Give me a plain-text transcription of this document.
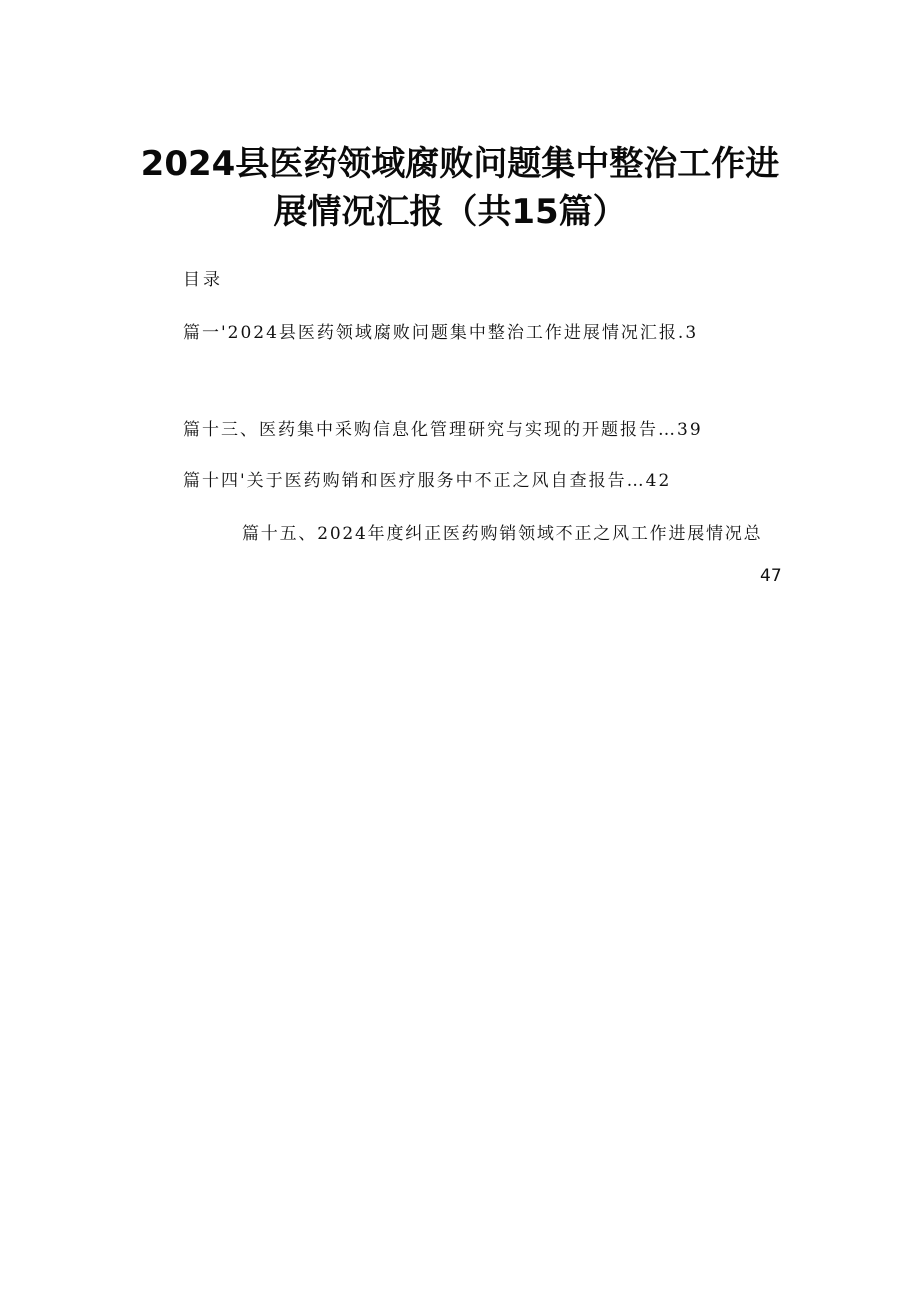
2024县医药领域腐败问题集中整治工作进
展情况汇报（共15篇）
目录
篇一'2024县医药领域腐败问题集中整治工作进展情况汇报.3
篇十三、医药集中采购信息化管理研究与实现的开题报告…39
篇十四'关于医药购销和医疗服务中不正之风自查报告…42
篇十五、2024年度纠正医药购销领域不正之风工作进展情况总
47
